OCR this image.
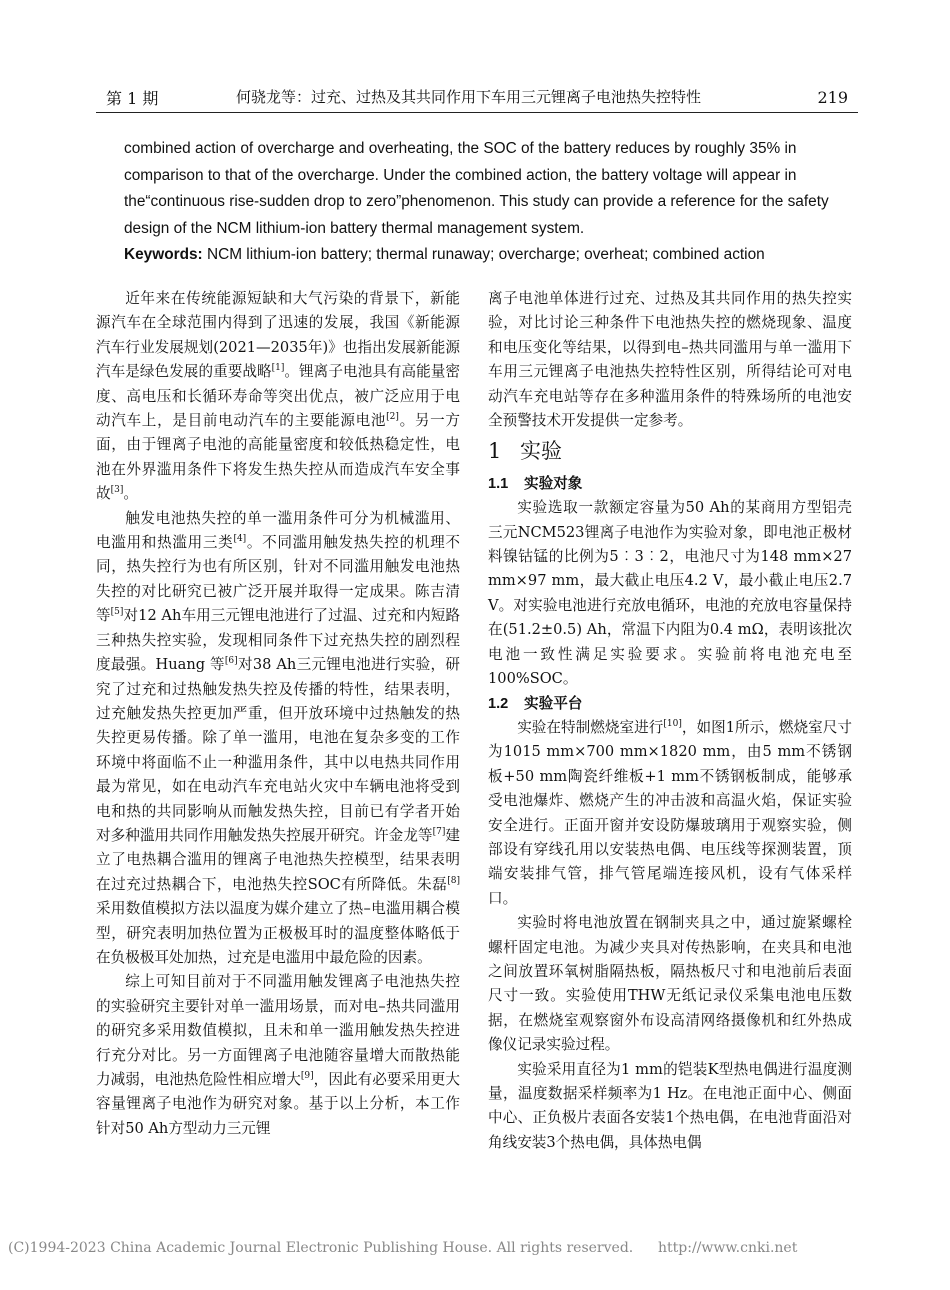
第 1 期	何骁龙等：过充、过热及其共同作用下车用三元锂离子电池热失控特性	219

combined action of overcharge and overheating, the SOC of the battery reduces by roughly 35% in comparison to that of the overcharge. Under the combined action, the battery voltage will appear in the“continuous rise-sudden drop to zero”phenomenon. This study can provide a reference for the safety design of the NCM lithium-ion battery thermal management system.

Keywords: NCM lithium-ion battery; thermal runaway; overcharge; overheat; combined action

近年来在传统能源短缺和大气污染的背景下，新能源汽车在全球范围内得到了迅速的发展，我国《新能源汽车行业发展规划(2021—2035年)》也指出发展新能源汽车是绿色发展的重要战略[1]。锂离子电池具有高能量密度、高电压和长循环寿命等突出优点，被广泛应用于电动汽车上，是目前电动汽车的主要能源电池[2]。另一方面，由于锂离子电池的高能量密度和较低热稳定性，电池在外界滥用条件下将发生热失控从而造成汽车安全事故[3]。

触发电池热失控的单一滥用条件可分为机械滥用、电滥用和热滥用三类[4]。不同滥用触发热失控的机理不同，热失控行为也有所区别，针对不同滥用触发电池热失控的对比研究已被广泛开展并取得一定成果。陈吉清等[5]对12 Ah车用三元锂电池进行了过温、过充和内短路三种热失控实验，发现相同条件下过充热失控的剧烈程度最强。Huang 等[6]对38 Ah三元锂电池进行实验，研究了过充和过热触发热失控及传播的特性，结果表明，过充触发热失控更加严重，但开放环境中过热触发的热失控更易传播。除了单一滥用，电池在复杂多变的工作环境中将面临不止一种滥用条件，其中以电热共同作用最为常见，如在电动汽车充电站火灾中车辆电池将受到电和热的共同影响从而触发热失控，目前已有学者开始对多种滥用共同作用触发热失控展开研究。许金龙等[7]建立了电热耦合滥用的锂离子电池热失控模型，结果表明在过充过热耦合下，电池热失控SOC有所降低。朱磊[8]采用数值模拟方法以温度为媒介建立了热–电滥用耦合模型，研究表明加热位置为正极极耳时的温度整体略低于在负极极耳处加热，过充是电滥用中最危险的因素。

综上可知目前对于不同滥用触发锂离子电池热失控的实验研究主要针对单一滥用场景，而对电–热共同滥用的研究多采用数值模拟，且未和单一滥用触发热失控进行充分对比。另一方面锂离子电池随容量增大而散热能力减弱，电池热危险性相应增大[9]，因此有必要采用更大容量锂离子电池作为研究对象。基于以上分析，本工作针对50 Ah方型动力三元锂

离子电池单体进行过充、过热及其共同作用的热失控实验，对比讨论三种条件下电池热失控的燃烧现象、温度和电压变化等结果，以得到电–热共同滥用与单一滥用下车用三元锂离子电池热失控特性区别，所得结论可对电动汽车充电站等存在多种滥用条件的特殊场所的电池安全预警技术开发提供一定参考。

1 实验
1.1 实验对象

实验选取一款额定容量为50 Ah的某商用方型铝壳三元NCM523锂离子电池作为实验对象，即电池正极材料镍钴锰的比例为5︰3︰2，电池尺寸为148 mm×27 mm×97 mm，最大截止电压4.2 V，最小截止电压2.7 V。对实验电池进行充放电循环，电池的充放电容量保持在(51.2±0.5) Ah，常温下内阻为0.4 mΩ，表明该批次电池一致性满足实验要求。实验前将电池充电至100%SOC。

1.2 实验平台

实验在特制燃烧室进行[10]，如图1所示，燃烧室尺寸为1015 mm×700 mm×1820 mm，由5 mm不锈钢板+50 mm陶瓷纤维板+1 mm不锈钢板制成，能够承受电池爆炸、燃烧产生的冲击波和高温火焰，保证实验安全进行。正面开窗并安设防爆玻璃用于观察实验，侧部设有穿线孔用以安装热电偶、电压线等探测装置，顶端安装排气管，排气管尾端连接风机，设有气体采样口。

实验时将电池放置在钢制夹具之中，通过旋紧螺栓螺杆固定电池。为减少夹具对传热影响，在夹具和电池之间放置环氧树脂隔热板，隔热板尺寸和电池前后表面尺寸一致。实验使用THW无纸记录仪采集电池电压数据，在燃烧室观察窗外布设高清网络摄像机和红外热成像仪记录实验过程。

实验采用直径为1 mm的铠装K型热电偶进行温度测量，温度数据采样频率为1 Hz。在电池正面中心、侧面中心、正负极片表面各安装1个热电偶，在电池背面沿对角线安装3个热电偶，具体热电偶

(C)1994-2023 China Academic Journal Electronic Publishing House. All rights reserved. http://www.cnki.net
